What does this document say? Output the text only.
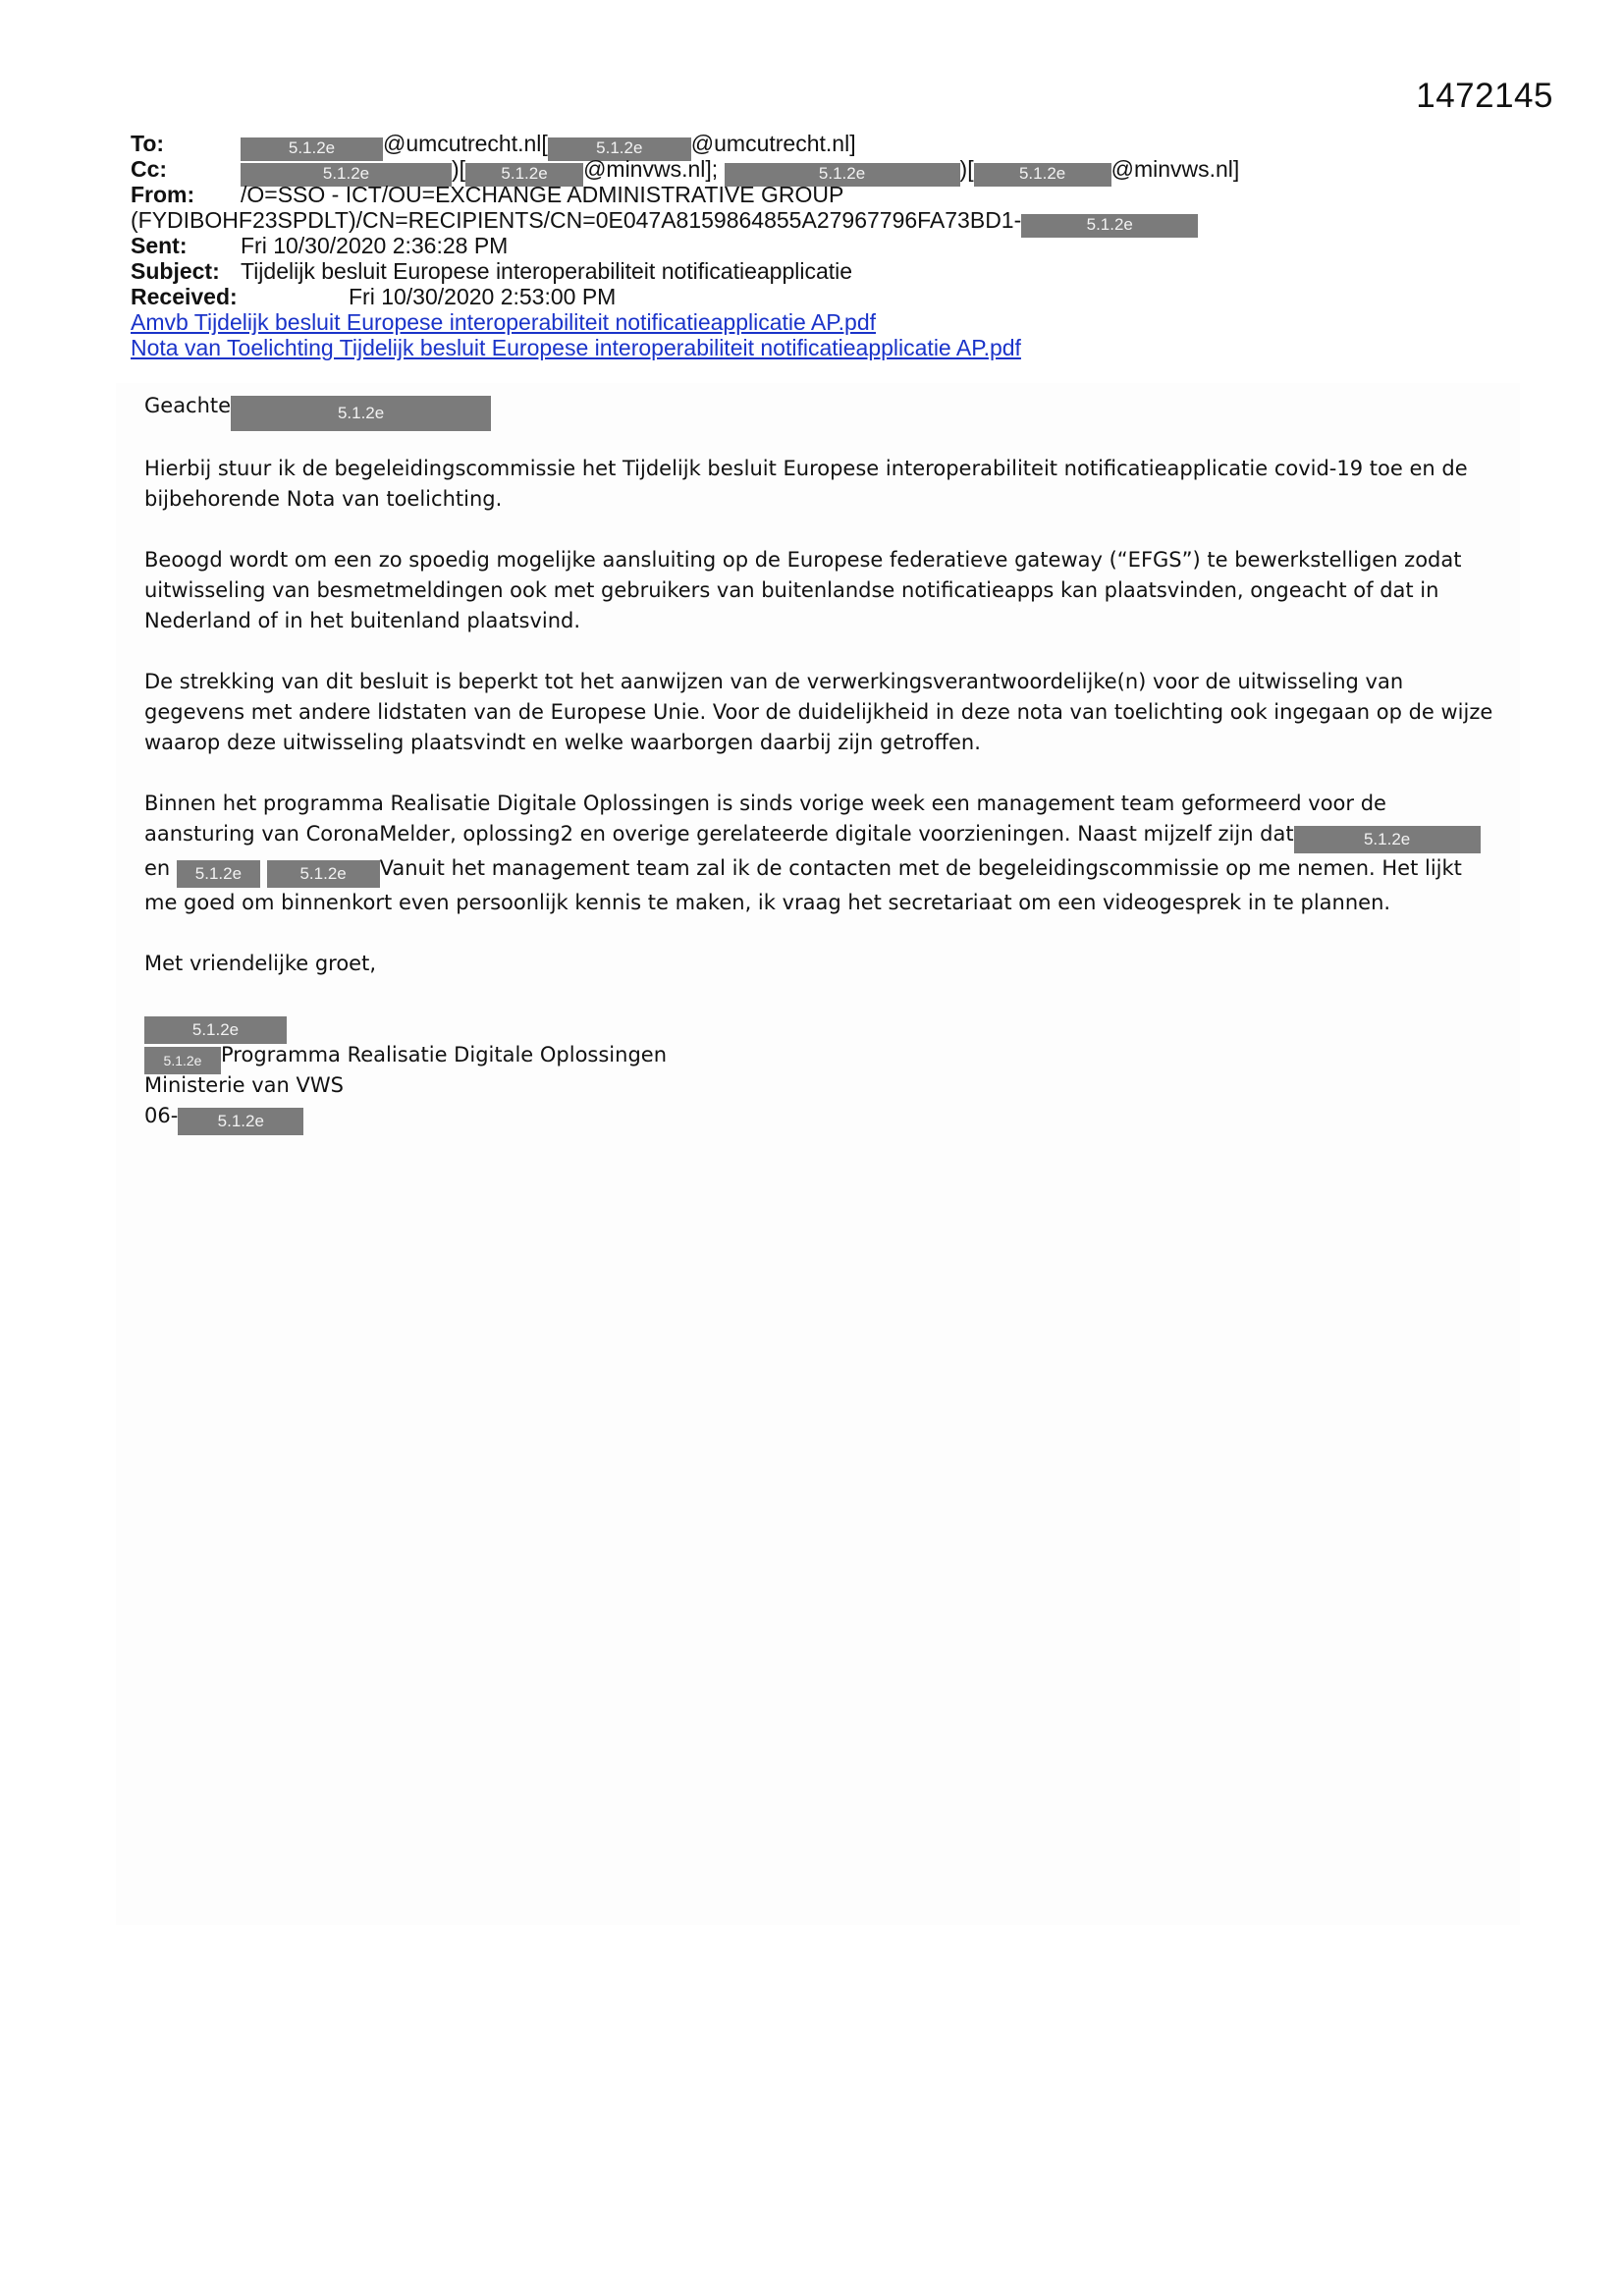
1472145
To:	5.1.2e @umcutrecht.nl[	5.1.2e @umcutrecht.nl]
Cc:	5.1.2e	)[ 5.1.2e @minvws.nl];	5.1.2e	)[	5.1.2e @minvws.nl]
From: /O=SSO - ICT/OU=EXCHANGE ADMINISTRATIVE GROUP
(FYDIBOHF23SPDLT)/CN=RECIPIENTS/CN=0E047A8159864855A27967796FA73BD1-	5.1.2e
Sent: Fri 10/30/2020 2:36:28 PM
Subject: Tijdelijk besluit Europese interoperabiliteit notificatieapplicatie
Received:	Fri 10/30/2020 2:53:00 PM
Amvb Tijdelijk besluit Europese interoperabiliteit notificatieapplicatie AP.pdf
Nota van Toelichting Tijdelijk besluit Europese interoperabiliteit notificatieapplicatie AP.pdf

Geachte	5.1.2e

Hierbij stuur ik de begeleidingscommissie het Tijdelijk besluit Europese interoperabiliteit notificatieapplicatie covid-19 toe en de bijbehorende Nota van toelichting.

Beoogd wordt om een zo spoedig mogelijke aansluiting op de Europese federatieve gateway (“EFGS”) te bewerkstelligen zodat uitwisseling van besmetmeldingen ook met gebruikers van buitenlandse notificatieapps kan plaatsvinden, ongeacht of dat in Nederland of in het buitenland plaatsvind.

De strekking van dit besluit is beperkt tot het aanwijzen van de verwerkingsverantwoordelijke(n) voor de uitwisseling van gegevens met andere lidstaten van de Europese Unie. Voor de duidelijkheid in deze nota van toelichting ook ingegaan op de wijze waarop deze uitwisseling plaatsvindt en welke waarborgen daarbij zijn getroffen.

Binnen het programma Realisatie Digitale Oplossingen is sinds vorige week een management team geformeerd voor de aansturing van CoronaMelder, oplossing2 en overige gerelateerde digitale voorzieningen. Naast mijzelf zijn dat	5.1.2e en 5.1.2e	5.1.2e Vanuit het management team zal ik de contacten met de begeleidingscommissie op me nemen. Het lijkt me goed om binnenkort even persoonlijk kennis te maken, ik vraag het secretariaat om een videogesprek in te plannen.

Met vriendelijke groet,

5.1.2e
5.1.2e Programma Realisatie Digitale Oplossingen
Ministerie van VWS
06- 5.1.2e
